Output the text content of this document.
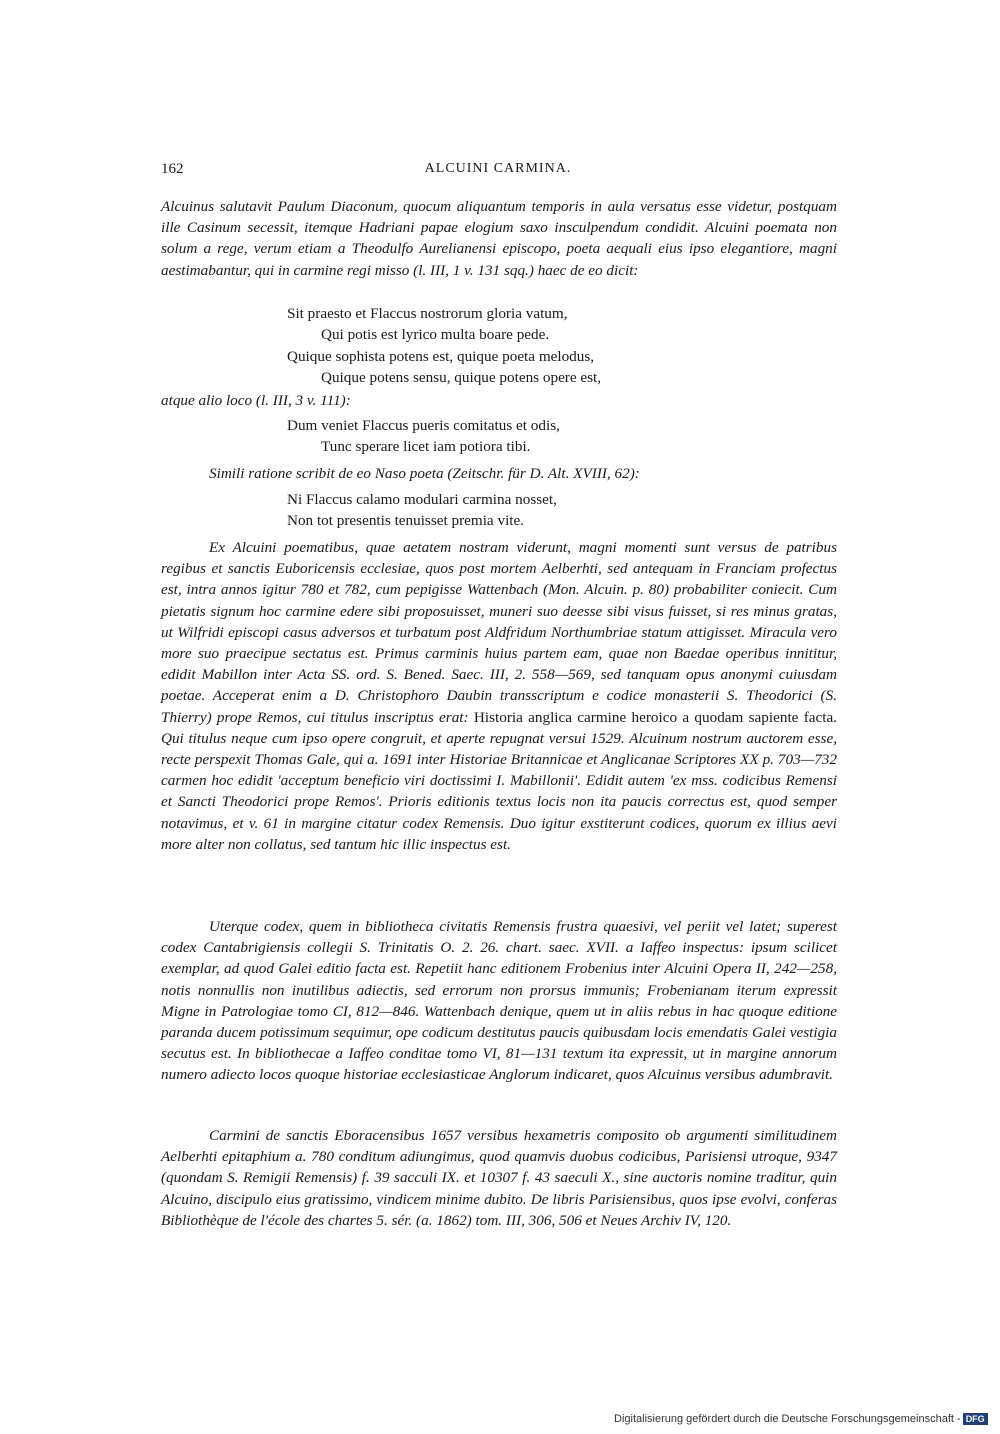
162	ALCUINI CARMINA.
Alcuinus salutavit Paulum Diaconum, quocum aliquantum temporis in aula versatus esse videtur, postquam ille Casinum secessit, itemque Hadriani papae elogium saxo insculpendum condidit. Alcuini poemata non solum a rege, verum etiam a Theodulfo Aurelianensi episcopo, poeta aequali eius ipso elegantiore, magni aestimabantur, qui in carmine regi misso (l. III, 1 v. 131 sqq.) haec de eo dicit:
Sit praesto et Flaccus nostrorum gloria vatum,
Qui potis est lyrico multa boare pede.
Quique sophista potens est, quique poeta melodus,
Quique potens sensu, quique potens opere est,
atque alio loco (l. III, 3 v. 111):
Dum veniet Flaccus pueris comitatus et odis,
Tunc sperare licet iam potiora tibi.
Simili ratione scribit de eo Naso poeta (Zeitschr. für D. Alt. XVIII, 62):
Ni Flaccus calamo modulari carmina nosset,
Non tot presentis tenuisset premia vite.
Ex Alcuini poematibus, quae aetatem nostram viderunt, magni momenti sunt versus de patribus regibus et sanctis Euboricensis ecclesiae, quos post mortem Aelberhti, sed antequam in Franciam profectus est, intra annos igitur 780 et 782, cum pepigisse Wattenbach (Mon. Alcuin. p. 80) probabiliter coniecit. Cum pietatis signum hoc carmine edere sibi proposuisset, muneri suo deesse sibi visus fuisset, si res minus gratas, ut Wilfridi episcopi casus adversos et turbatum post Aldfridum Northumbriae statum attigisset. Miracula vero more suo praecipue sectatus est. Primus carminis huius partem eam, quae non Baedae operibus innititur, edidit Mabillon inter Acta SS. ord. S. Bened. Saec. III, 2. 558—569, sed tanquam opus anonymi cuiusdam poetae. Acceperat enim a D. Christophoro Daubin transscriptum e codice monasterii S. Theodorici (S. Thierry) prope Remos, cui titulus inscriptus erat: Historia anglica carmine heroico a quodam sapiente facta. Qui titulus neque cum ipso opere congruit, et aperte repugnat versui 1529. Alcuinum nostrum auctorem esse, recte perspexit Thomas Gale, qui a. 1691 inter Historiae Britannicae et Anglicanae Scriptores XX p. 703—732 carmen hoc edidit 'acceptum beneficio viri doctissimi I. Mabillonii'. Edidit autem 'ex mss. codicibus Remensi et Sancti Theodorici prope Remos'. Prioris editionis textus locis non ita paucis correctus est, quod semper notavimus, et v. 61 in margine citatur codex Remensis. Duo igitur exstiterunt codices, quorum ex illius aevi more alter non collatus, sed tantum hic illic inspectus est.
Uterque codex, quem in bibliotheca civitatis Remensis frustra quaesivi, vel periit vel latet; superest codex Cantabrigiensis collegii S. Trinitatis O. 2. 26. chart. saec. XVII. a Iaffeo inspectus: ipsum scilicet exemplar, ad quod Galei editio facta est. Repetiit hanc editionem Frobenius inter Alcuini Opera II, 242—258, notis nonnullis non inutilibus adiectis, sed errorum non prorsus immunis; Frobenianam iterum expressit Migne in Patrologiae tomo CI, 812—846. Wattenbach denique, quem ut in aliis rebus in hac quoque editione paranda ducem potissimum sequimur, ope codicum destitutus paucis quibusdam locis emendatis Galei vestigia secutus est. In bibliothecae a Iaffeo conditae tomo VI, 81—131 textum ita expressit, ut in margine annorum numero adiecto locos quoque historiae ecclesiasticae Anglorum indicaret, quos Alcuinus versibus adumbravit.
Carmini de sanctis Eboracensibus 1657 versibus hexametris composito ob argumenti similitudinem Aelberhti epitaphium a. 780 conditum adiungimus, quod quamvis duobus codicibus, Parisiensi utroque, 9347 (quondam S. Remigii Remensis) f. 39 sacculi IX. et 10307 f. 43 saeculi X., sine auctoris nomine traditur, quin Alcuino, discipulo eius gratissimo, vindicem minime dubito. De libris Parisiensibus, quos ipse evolvi, conferas Bibliothèque de l'école des chartes 5. sér. (a. 1862) tom. III, 306, 506 et Neues Archiv IV, 120.
Digitalisierung gefördert durch die Deutsche Forschungsgemeinschaft - DFG
